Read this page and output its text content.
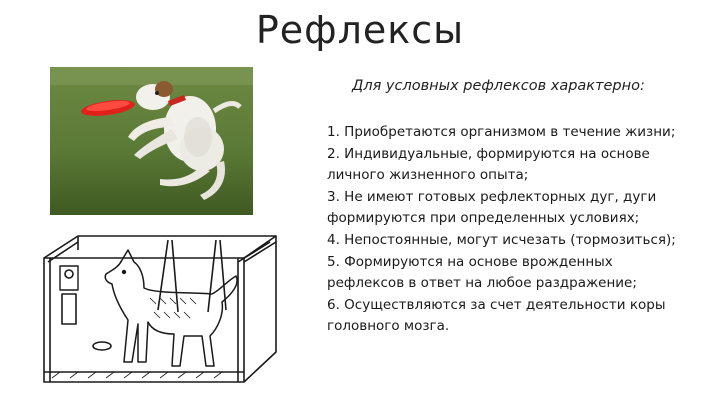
Рефлексы
Для условных рефлексов характерно:
1. Приобретаются организмом в течение жизни;
2. Индивидуальные, формируются на основе личного жизненного опыта;
3. Не имеют готовых рефлекторных дуг, дуги формируются при определенных условиях;
4. Непостоянные, могут исчезать (тормозиться);
5. Формируются на основе врожденных рефлексов в ответ на любое раздражение;
6. Осуществляются за счет деятельности коры головного мозга.
